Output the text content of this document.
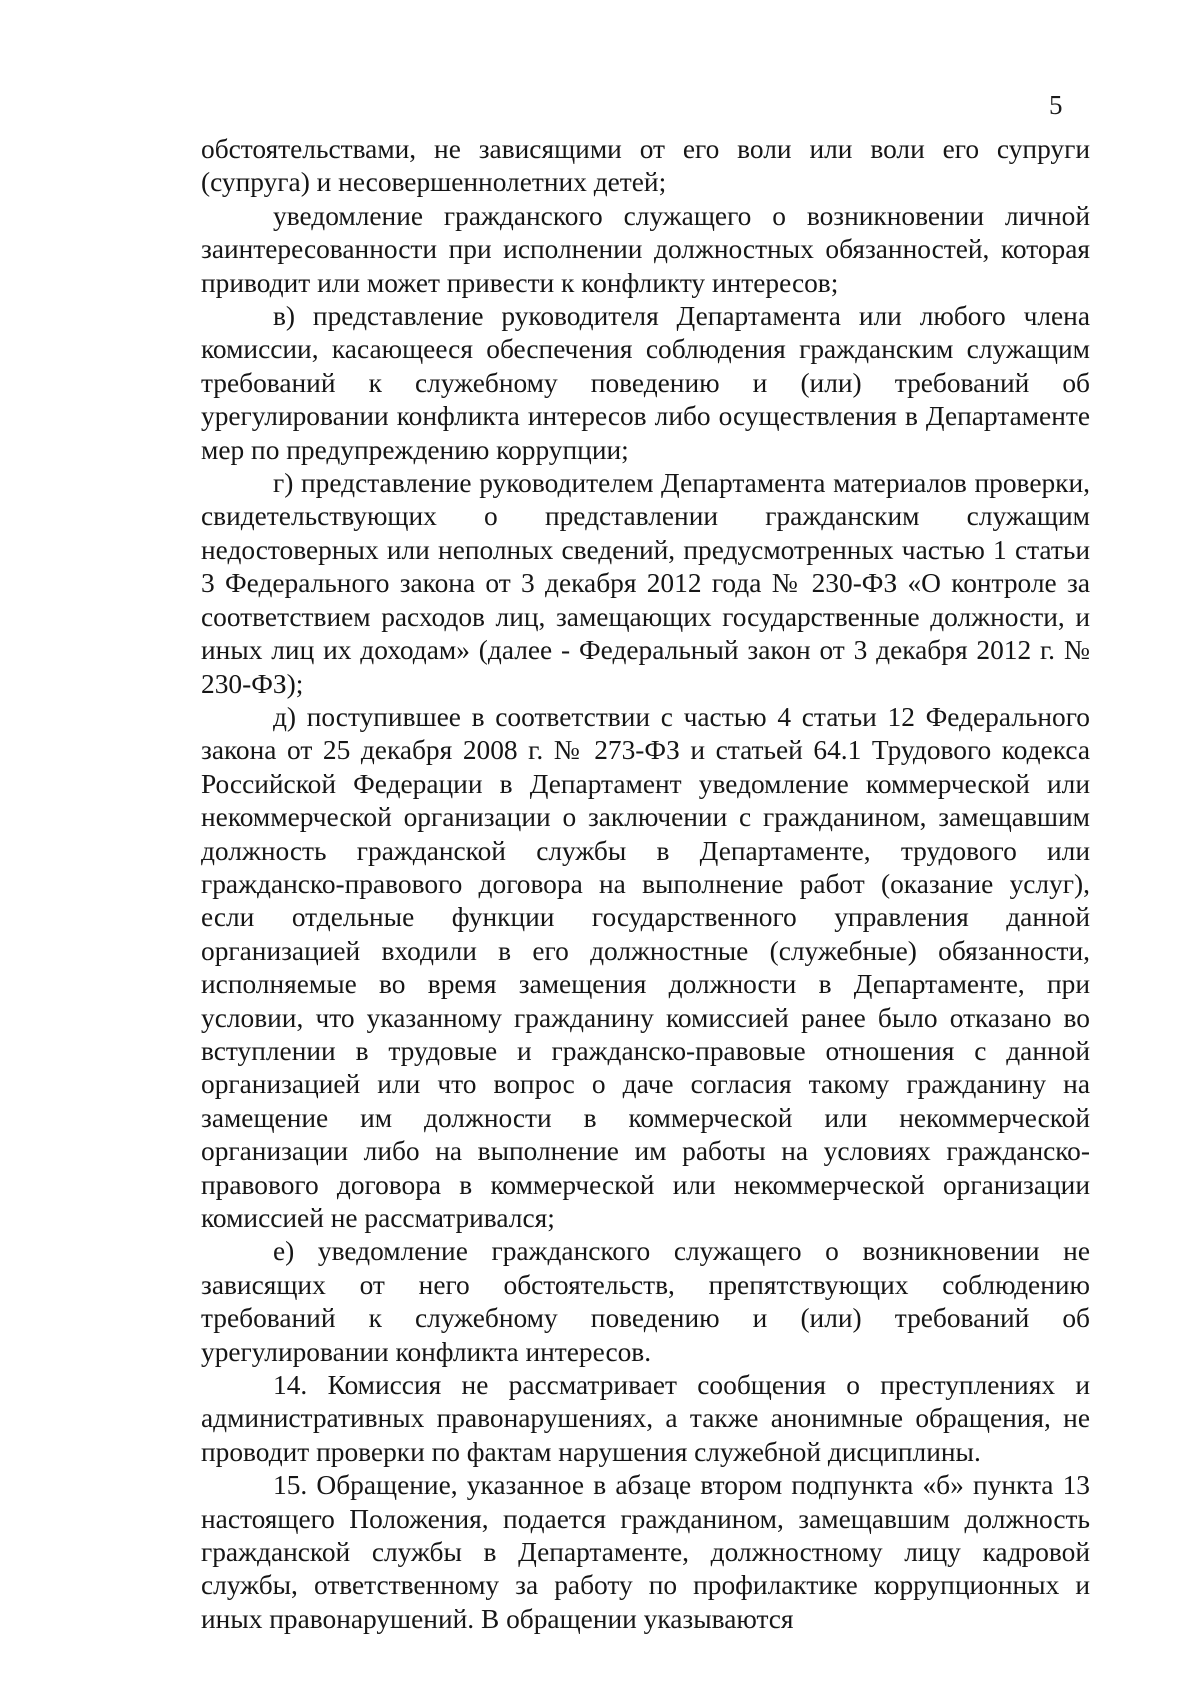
5

обстоятельствами, не зависящими от его воли или воли его супруги (супруга) и несовершеннолетних детей;

уведомление гражданского служащего о возникновении личной заинтересованности при исполнении должностных обязанностей, которая приводит или может привести к конфликту интересов;

в) представление руководителя Департамента или любого члена комиссии, касающееся обеспечения соблюдения гражданским служащим требований к служебному поведению и (или) требований об урегулировании конфликта интересов либо осуществления в Департаменте мер по предупреждению коррупции;

г) представление руководителем Департамента материалов проверки, свидетельствующих о представлении гражданским служащим недостоверных или неполных сведений, предусмотренных частью 1 статьи 3 Федерального закона от 3 декабря 2012 года № 230-ФЗ «О контроле за соответствием расходов лиц, замещающих государственные должности, и иных лиц их доходам» (далее - Федеральный закон от 3 декабря 2012 г. № 230-ФЗ);

д) поступившее в соответствии с частью 4 статьи 12 Федерального закона от 25 декабря 2008 г. № 273-ФЗ и статьей 64.1 Трудового кодекса Российской Федерации в Департамент уведомление коммерческой или некоммерческой организации о заключении с гражданином, замещавшим должность гражданской службы в Департаменте, трудового или гражданско-правового договора на выполнение работ (оказание услуг), если отдельные функции государственного управления данной организацией входили в его должностные (служебные) обязанности, исполняемые во время замещения должности в Департаменте, при условии, что указанному гражданину комиссией ранее было отказано во вступлении в трудовые и гражданско-правовые отношения с данной организацией или что вопрос о даче согласия такому гражданину на замещение им должности в коммерческой или некоммерческой организации либо на выполнение им работы на условиях гражданско-правового договора в коммерческой или некоммерческой организации комиссией не рассматривался;

е) уведомление гражданского служащего о возникновении не зависящих от него обстоятельств, препятствующих соблюдению требований к служебному поведению и (или) требований об урегулировании конфликта интересов.

14. Комиссия не рассматривает сообщения о преступлениях и административных правонарушениях, а также анонимные обращения, не проводит проверки по фактам нарушения служебной дисциплины.

15. Обращение, указанное в абзаце втором подпункта «б» пункта 13 настоящего Положения, подается гражданином, замещавшим должность гражданской службы в Департаменте, должностному лицу кадровой службы, ответственному за работу по профилактике коррупционных и иных правонарушений. В обращении указываются
